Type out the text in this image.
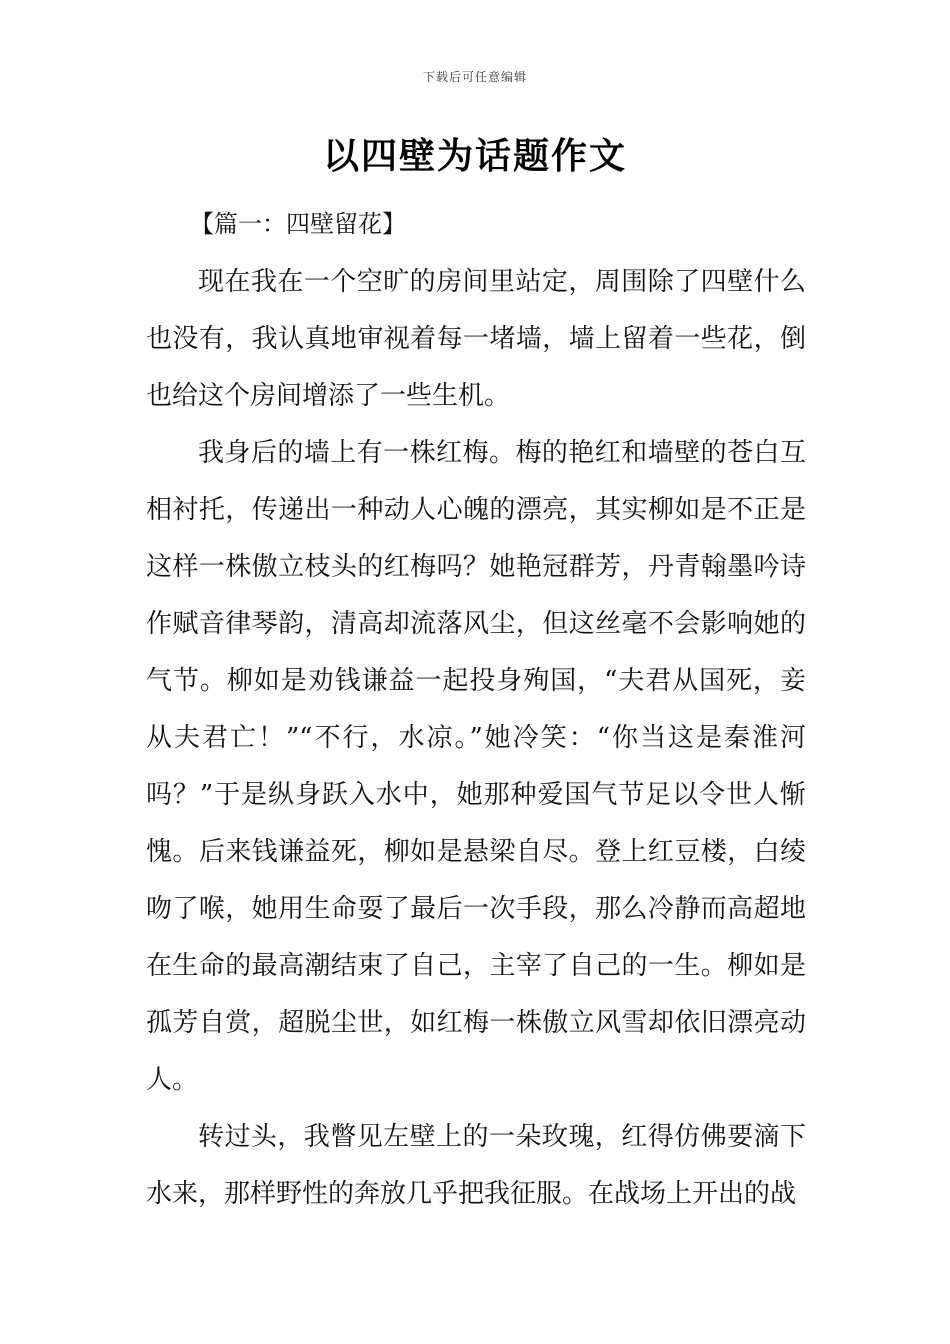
下载后可任意编辑
以四壁为话题作文

【篇一：四壁留花】

现在我在一个空旷的房间里站定，周围除了四壁什么也没有，我认真地审视着每一堵墙，墙上留着一些花，倒也给这个房间增添了一些生机。

我身后的墙上有一株红梅。梅的艳红和墙壁的苍白互相衬托，传递出一种动人心魄的漂亮，其实柳如是不正是这样一株傲立枝头的红梅吗？她艳冠群芳，丹青翰墨吟诗作赋音律琴韵，清高却流落风尘，但这丝毫不会影响她的气节。柳如是劝钱谦益一起投身殉国，“夫君从国死，妾从夫君亡！”“不行，水凉。”她冷笑：“你当这是秦淮河吗？”于是纵身跃入水中，她那种爱国气节足以令世人惭愧。后来钱谦益死，柳如是悬梁自尽。登上红豆楼，白绫吻了喉，她用生命耍了最后一次手段，那么冷静而高超地在生命的最高潮结束了自己，主宰了自己的一生。柳如是孤芳自赏，超脱尘世，如红梅一株傲立风雪却依旧漂亮动人。

转过头，我瞥见左壁上的一朵玫瑰，红得仿佛要滴下水来，那样野性的奔放几乎把我征服。在战场上开出的战
